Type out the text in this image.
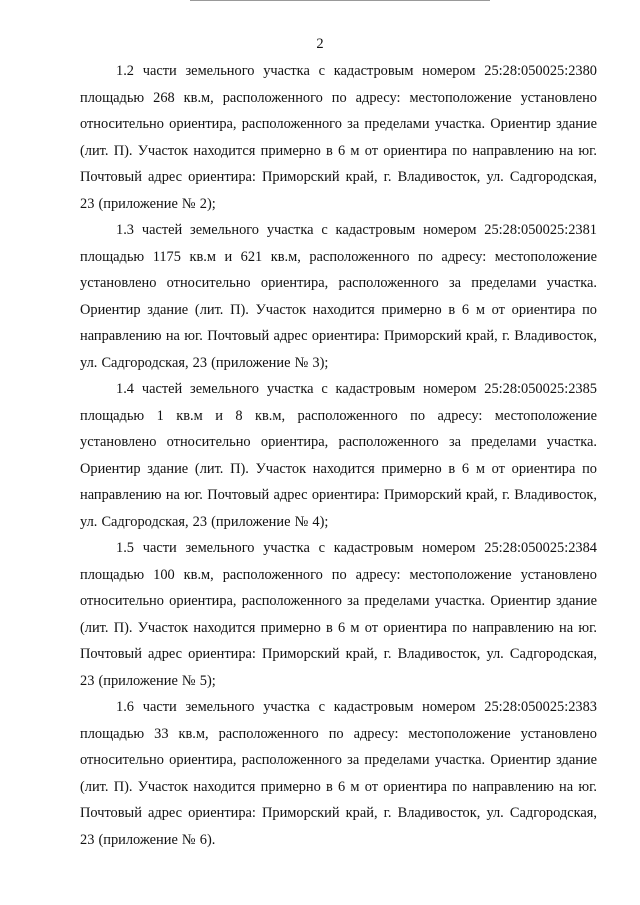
2

1.2 части земельного участка с кадастровым номером 25:28:050025:2380 площадью 268 кв.м, расположенного по адресу: местоположение установлено относительно ориентира, расположенного за пределами участка. Ориентир здание (лит. П). Участок находится примерно в 6 м от ориентира по направлению на юг. Почтовый адрес ориентира: Приморский край, г. Владивосток, ул. Садгородская, 23 (приложение № 2);

1.3 частей земельного участка с кадастровым номером 25:28:050025:2381 площадью 1175 кв.м и 621 кв.м, расположенного по адресу: местоположение установлено относительно ориентира, расположенного за пределами участка. Ориентир здание (лит. П). Участок находится примерно в 6 м от ориентира по направлению на юг. Почтовый адрес ориентира: Приморский край, г. Владивосток, ул. Садгородская, 23 (приложение № 3);

1.4 частей земельного участка с кадастровым номером 25:28:050025:2385 площадью 1 кв.м и 8 кв.м, расположенного по адресу: местоположение установлено относительно ориентира, расположенного за пределами участка. Ориентир здание (лит. П). Участок находится примерно в 6 м от ориентира по направлению на юг. Почтовый адрес ориентира: Приморский край, г. Владивосток, ул. Садгородская, 23 (приложение № 4);

1.5 части земельного участка с кадастровым номером 25:28:050025:2384 площадью 100 кв.м, расположенного по адресу: местоположение установлено относительно ориентира, расположенного за пределами участка. Ориентир здание (лит. П). Участок находится примерно в 6 м от ориентира по направлению на юг. Почтовый адрес ориентира: Приморский край, г. Владивосток, ул. Садгородская, 23 (приложение № 5);

1.6 части земельного участка с кадастровым номером 25:28:050025:2383 площадью 33 кв.м, расположенного по адресу: местоположение установлено относительно ориентира, расположенного за пределами участка. Ориентир здание (лит. П). Участок находится примерно в 6 м от ориентира по направлению на юг. Почтовый адрес ориентира: Приморский край, г. Владивосток, ул. Садгородская, 23 (приложение № 6).
